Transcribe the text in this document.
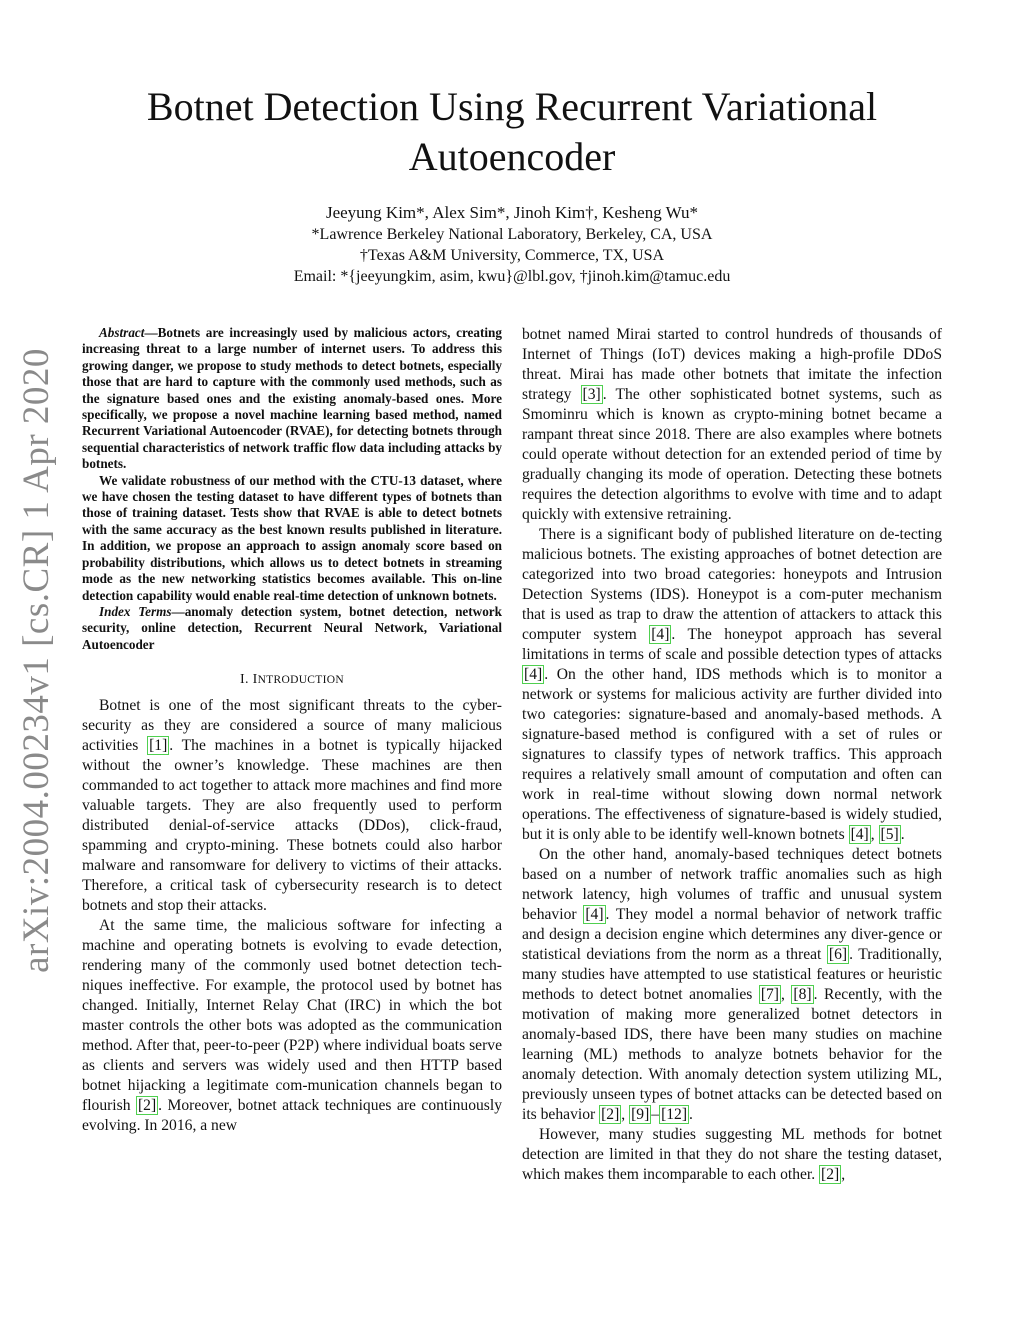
arXiv:2004.00234v1 [cs.CR] 1 Apr 2020
Botnet Detection Using Recurrent Variational
Autoencoder
Jeeyung Kim*, Alex Sim*, Jinoh Kim†, Kesheng Wu*
*Lawrence Berkeley National Laboratory, Berkeley, CA, USA
†Texas A&M University, Commerce, TX, USA
Email: *{jeeyungkim, asim, kwu}@lbl.gov, †jinoh.kim@tamuc.edu

Abstract—Botnets are increasingly used by malicious actors, creating increasing threat to a large number of internet users. To address this growing danger, we propose to study methods to detect botnets, especially those that are hard to capture with the commonly used methods, such as the signature based ones and the existing anomaly-based ones. More specifically, we propose a novel machine learning based method, named Recurrent Variational Autoencoder (RVAE), for detecting botnets through sequential characteristics of network traffic flow data including attacks by botnets.

We validate robustness of our method with the CTU-13 dataset, where we have chosen the testing dataset to have different types of botnets than those of training dataset. Tests show that RVAE is able to detect botnets with the same accuracy as the best known results published in literature. In addition, we propose an approach to assign anomaly score based on probability distributions, which allows us to detect botnets in streaming mode as the new networking statistics becomes available. This on-line detection capability would enable real-time detection of unknown botnets.

Index Terms—anomaly detection system, botnet detection, network security, online detection, Recurrent Neural Network, Variational Autoencoder

I. INTRODUCTION

Botnet is one of the most significant threats to the cyber-security as they are considered a source of many malicious activities [1] . The machines in a botnet is typically hijacked without the owner’s knowledge. These machines are then commanded to act together to attack more machines and find more valuable targets. They are also frequently used to perform distributed denial-of-service attacks (DDos), click-fraud, spamming and crypto-mining. These botnets could also harbor malware and ransomware for delivery to victims of their attacks. Therefore, a critical task of cybersecurity research is to detect botnets and stop their attacks.

At the same time, the malicious software for infecting a machine and operating botnets is evolving to evade detection, rendering many of the commonly used botnet detection tech-niques ineffective. For example, the protocol used by botnet has changed. Initially, Internet Relay Chat (IRC) in which the bot master controls the other bots was adopted as the communication method. After that, peer-to-peer (P2P) where individual boats serve as clients and servers was widely used and then HTTP based botnet hijacking a legitimate com-munication channels began to flourish [2] . Moreover, botnet attack techniques are continuously evolving. In 2016, a new

botnet named Mirai started to control hundreds of thousands of Internet of Things (IoT) devices making a high-profile DDoS threat. Mirai has made other botnets that imitate the infection strategy [3] . The other sophisticated botnet systems, such as Smominru which is known as crypto-mining botnet became a rampant threat since 2018. There are also examples where botnets could operate without detection for an extended period of time by gradually changing its mode of operation. Detecting these botnets requires the detection algorithms to evolve with time and to adapt quickly with extensive retraining.

There is a significant body of published literature on de-tecting malicious botnets. The existing approaches of botnet detection are categorized into two broad categories: honeypots and Intrusion Detection Systems (IDS). Honeypot is a com-puter mechanism that is used as trap to draw the attention of attackers to attack this computer system [4] . The honeypot approach has several limitations in terms of scale and possible detection types of attacks [4] . On the other hand, IDS methods which is to monitor a network or systems for malicious activity are further divided into two categories: signature-based and anomaly-based methods. A signature-based method is configured with a set of rules or signatures to classify types of network traffics. This approach requires a relatively small amount of computation and often can work in real-time without slowing down normal network operations. The effectiveness of signature-based is widely studied, but it is only able to be identify well-known botnets [4] , [5] .

On the other hand, anomaly-based techniques detect botnets based on a number of network traffic anomalies such as high network latency, high volumes of traffic and unusual system behavior [4] . They model a normal behavior of network traffic and design a decision engine which determines any diver-gence or statistical deviations from the norm as a threat [6] . Traditionally, many studies have attempted to use statistical features or heuristic methods to detect botnet anomalies [7] , [8] . Recently, with the motivation of making more generalized botnet detectors in anomaly-based IDS, there have been many studies on machine learning (ML) methods to analyze botnets behavior for the anomaly detection. With anomaly detection system utilizing ML, previously unseen types of botnet attacks can be detected based on its behavior [2] , [9] – [12] .

However, many studies suggesting ML methods for botnet detection are limited in that they do not share the testing dataset, which makes them incomparable to each other. [2] ,
